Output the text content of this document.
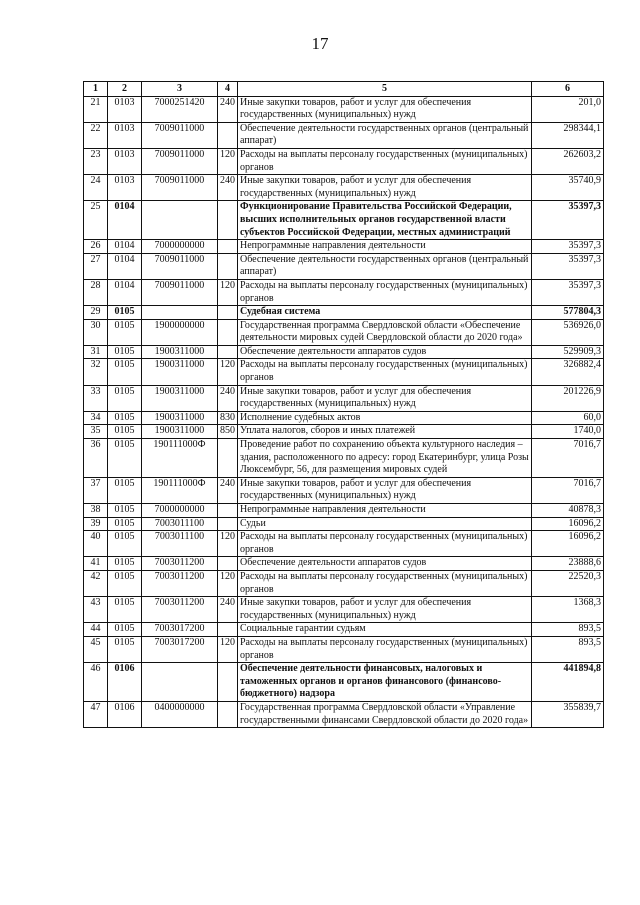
17
1	2	3	4	5	6
21	0103	7000251420	240	Иные закупки товаров, работ и услуг для обеспечения государственных (муниципальных) нужд	201,0
22	0103	7009011000		Обеспечение деятельности государственных органов (центральный аппарат)	298344,1
23	0103	7009011000	120	Расходы на выплаты персоналу государственных (муниципальных) органов	262603,2
24	0103	7009011000	240	Иные закупки товаров, работ и услуг для обеспечения государственных (муниципальных) нужд	35740,9
25	0104			Функционирование Правительства Российской Федерации, высших исполнительных органов государственной власти субъектов Российской Федерации, местных администраций	35397,3
26	0104	7000000000		Непрограммные направления деятельности	35397,3
27	0104	7009011000		Обеспечение деятельности государственных органов (центральный аппарат)	35397,3
28	0104	7009011000	120	Расходы на выплаты персоналу государственных (муниципальных) органов	35397,3
29	0105			Судебная система	577804,3
30	0105	1900000000		Государственная программа Свердловской области «Обеспечение деятельности мировых судей Свердловской области до 2020 года»	536926,0
31	0105	1900311000		Обеспечение деятельности аппаратов судов	529909,3
32	0105	1900311000	120	Расходы на выплаты персоналу государственных (муниципальных) органов	326882,4
33	0105	1900311000	240	Иные закупки товаров, работ и услуг для обеспечения государственных (муниципальных) нужд	201226,9
34	0105	1900311000	830	Исполнение судебных актов	60,0
35	0105	1900311000	850	Уплата налогов, сборов и иных платежей	1740,0
36	0105	190111000Ф		Проведение работ по сохранению объекта культурного наследия – здания, расположенного по адресу: город Екатеринбург, улица Розы Люксембург, 56, для размещения мировых судей	7016,7
37	0105	190111000Ф	240	Иные закупки товаров, работ и услуг для обеспечения государственных (муниципальных) нужд	7016,7
38	0105	7000000000		Непрограммные направления деятельности	40878,3
39	0105	7003011100		Судьи	16096,2
40	0105	7003011100	120	Расходы на выплаты персоналу государственных (муниципальных) органов	16096,2
41	0105	7003011200		Обеспечение деятельности аппаратов судов	23888,6
42	0105	7003011200	120	Расходы на выплаты персоналу государственных (муниципальных) органов	22520,3
43	0105	7003011200	240	Иные закупки товаров, работ и услуг для обеспечения государственных (муниципальных) нужд	1368,3
44	0105	7003017200		Социальные гарантии судьям	893,5
45	0105	7003017200	120	Расходы на выплаты персоналу государственных (муниципальных) органов	893,5
46	0106			Обеспечение деятельности финансовых, налоговых и таможенных органов и органов финансового (финансово-бюджетного) надзора	441894,8
47	0106	0400000000		Государственная программа Свердловской области «Управление государственными финансами Свердловской области до 2020 года»	355839,7
